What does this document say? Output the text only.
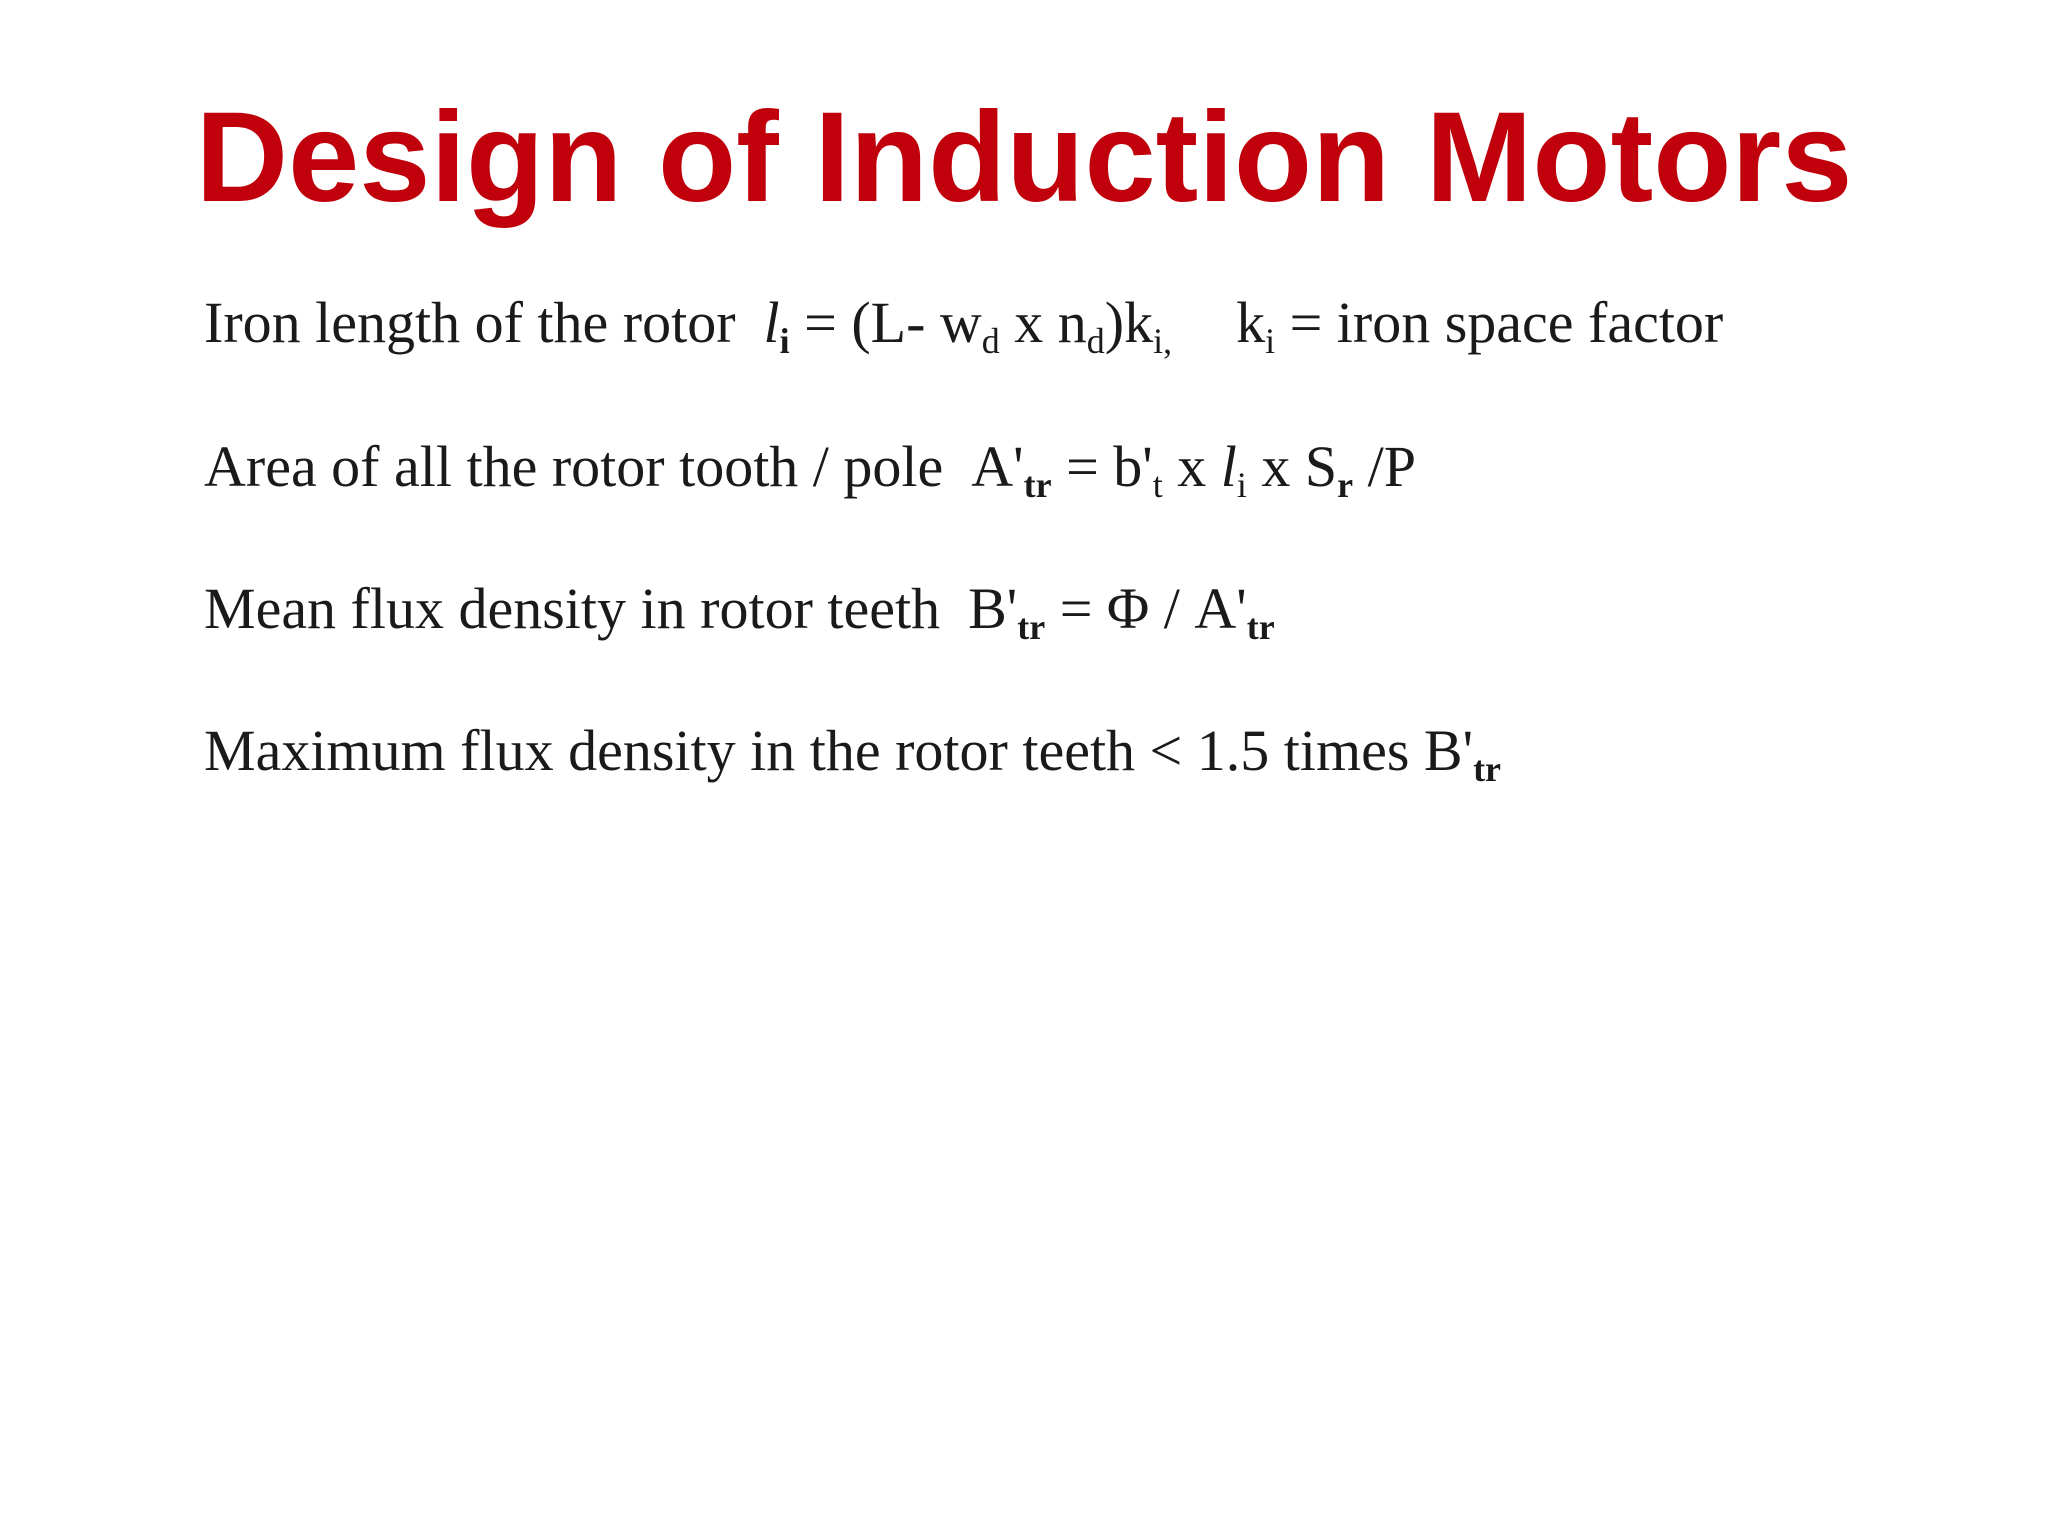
Design of Induction Motors
Iron length of the rotor $l_i = (L-$ $w_d$ x $n_d)k_{i,}$ $k_i$ = iron space factor
Area of all the rotor tooth / pole $A'_{tr} = b'_t$ x $l_i$ x $S_r$ /P
Mean flux density in rotor teeth $B'_{tr} = \Phi / A'_{tr}$
Maximum flux density in the rotor teeth < 1.5 times $B'_{tr}$
